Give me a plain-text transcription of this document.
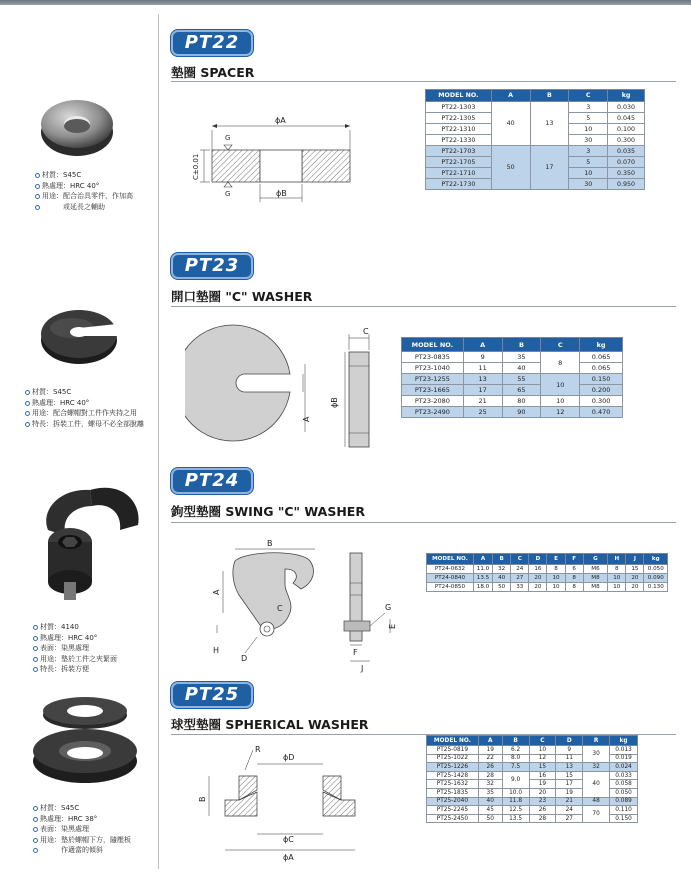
PT22
墊圈 SPACER
材質：S45C
熱處理：HRC 40°
用途：配合治具零件，作加高
　　　或延長之輔助
ϕA
C±0.01
G
G	ϕB
MODEL NO.	A	B	C	kg
PT22-1303	40	13	3	0.030
PT22-1305			5	0.045
PT22-1310			10	0.100
PT22-1330			30	0.300
PT22-1703	50	17	3	0.035
PT22-1705			5	0.070
PT22-1710			10	0.350
PT22-1730			30	0.950
PT23
開口墊圈 "C" WASHER
材質：S45C
熱處理：HRC 40°
用途：配合螺帽對工件作夾持之用
特長：拆裝工件，螺母不必全部脫離
A
ϕB
C
MODEL NO.	A	B	C	kg
PT23-0835	9	35	8	0.065
PT23-1040	11	40		0.065
PT23-1255	13	55	10	0.150
PT23-1665	17	65		0.200
PT23-2080	21	80	10	0.300
PT23-2490	25	90	12	0.470
PT24
鉤型墊圈 SWING "C" WASHER
材質：4140
熱處理：HRC 40°
表面：染黑處理
用途：墊於工件之夾緊面
特長：拆裝方便
B
A
H
C
D
G
E
F
J
MODEL NO.	A	B	C	D	E	F	G	H	J	kg
PT24-0632	11.0	32	24	16	8	6	M6	8	15	0.050
PT24-0840	13.5	40	27	20	10	8	M8	10	20	0.090
PT24-0850	18.0	50	33	20	10	8	M8	10	20	0.130
PT25
球型墊圈 SPHERICAL WASHER
材質：S45C
熱處理：HRC 38°
表面：染黑處理
用途：墊於螺帽下方，隨壓板
　　　作適當的傾斜
R
ϕD
B
ϕC
ϕA
MODEL NO.	A	B	C	D	R	kg
PT25-0819	19	6.2	10	9	30	0.013
PT25-1022	22	8.0	12	11		0.019
PT25-1226	26	7.5	15	13	32	0.024
PT25-1428	28	9.0	16	15	40	0.033
PT25-1632	32		19	17		0.058
PT25-1835	35	10.0	20	19		0.050
PT25-2040	40	11.8	23	21	48	0.089
PT25-2245	45	12.5	26	24	70	0.110
PT25-2450	50	13.5	28	27		0.150
